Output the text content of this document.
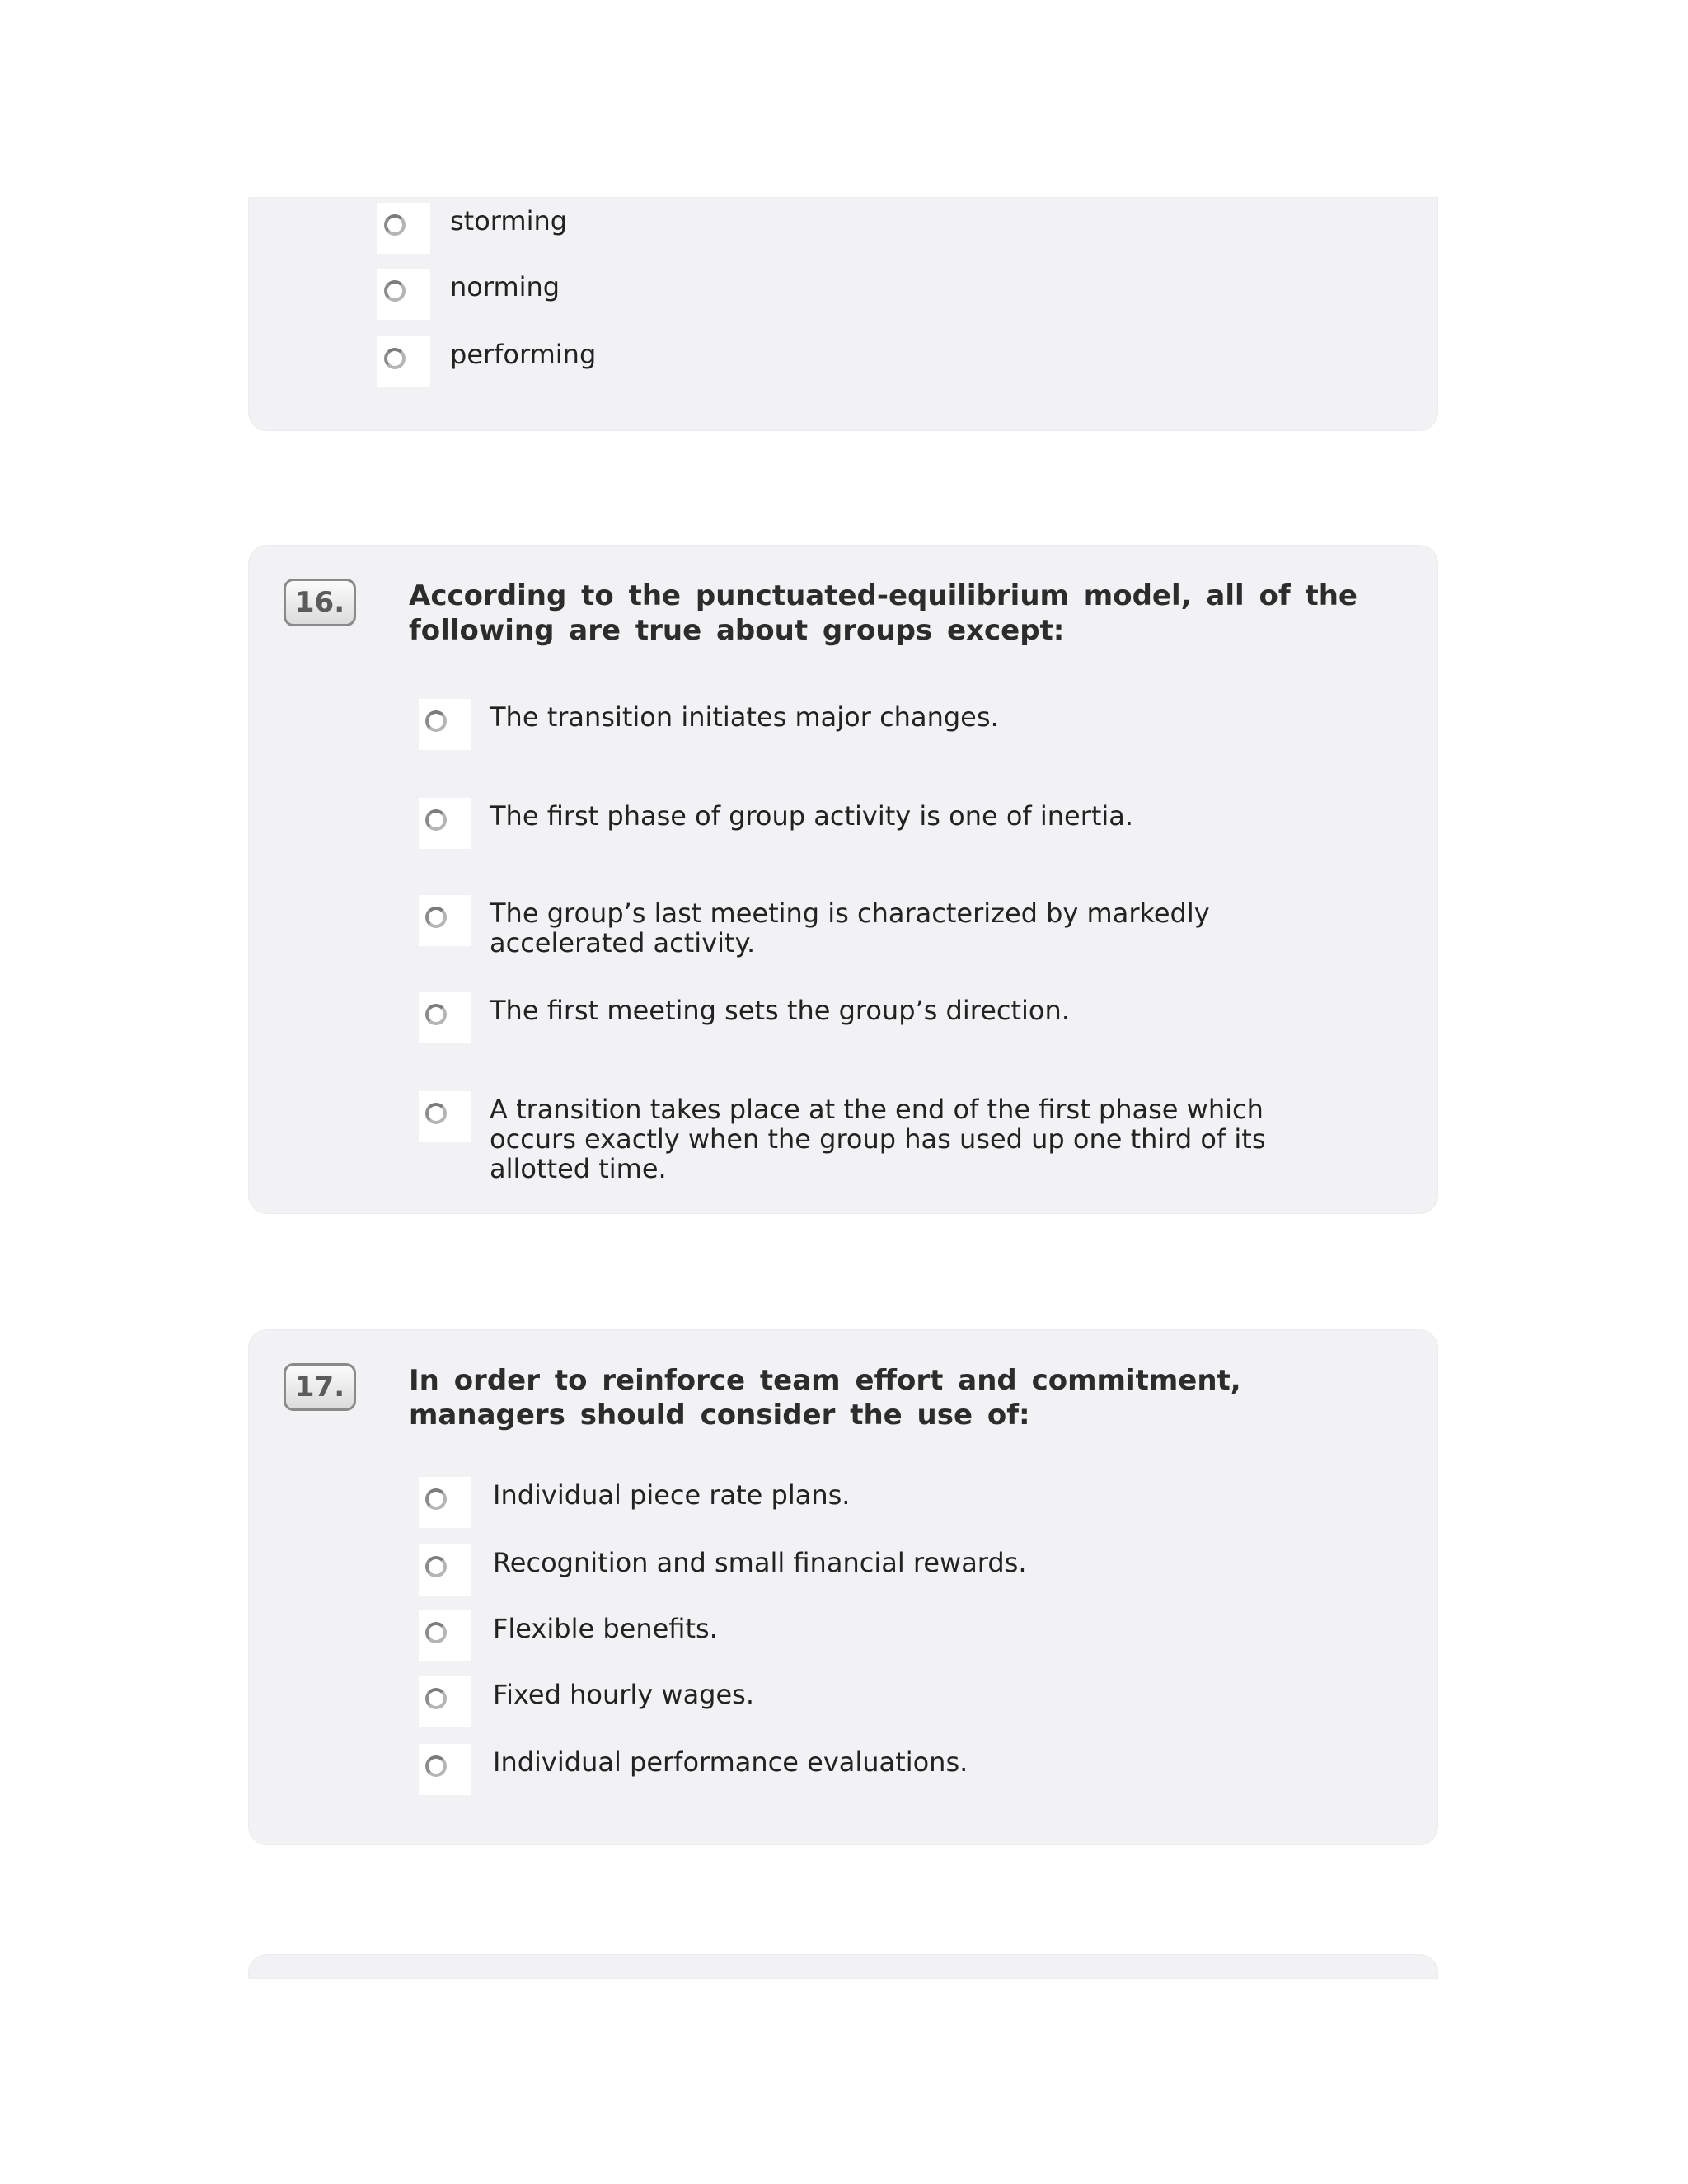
storming
norming
performing
16.	According to the punctuated-equilibrium model, all of the following are true about groups except:
The transition initiates major changes.
The first phase of group activity is one of inertia.
The group’s last meeting is characterized by markedly accelerated activity.
The first meeting sets the group’s direction.
A transition takes place at the end of the first phase which occurs exactly when the group has used up one third of its allotted time.
17.	In order to reinforce team effort and commitment, managers should consider the use of:
Individual piece rate plans.
Recognition and small financial rewards.
Flexible benefits.
Fixed hourly wages.
Individual performance evaluations.
